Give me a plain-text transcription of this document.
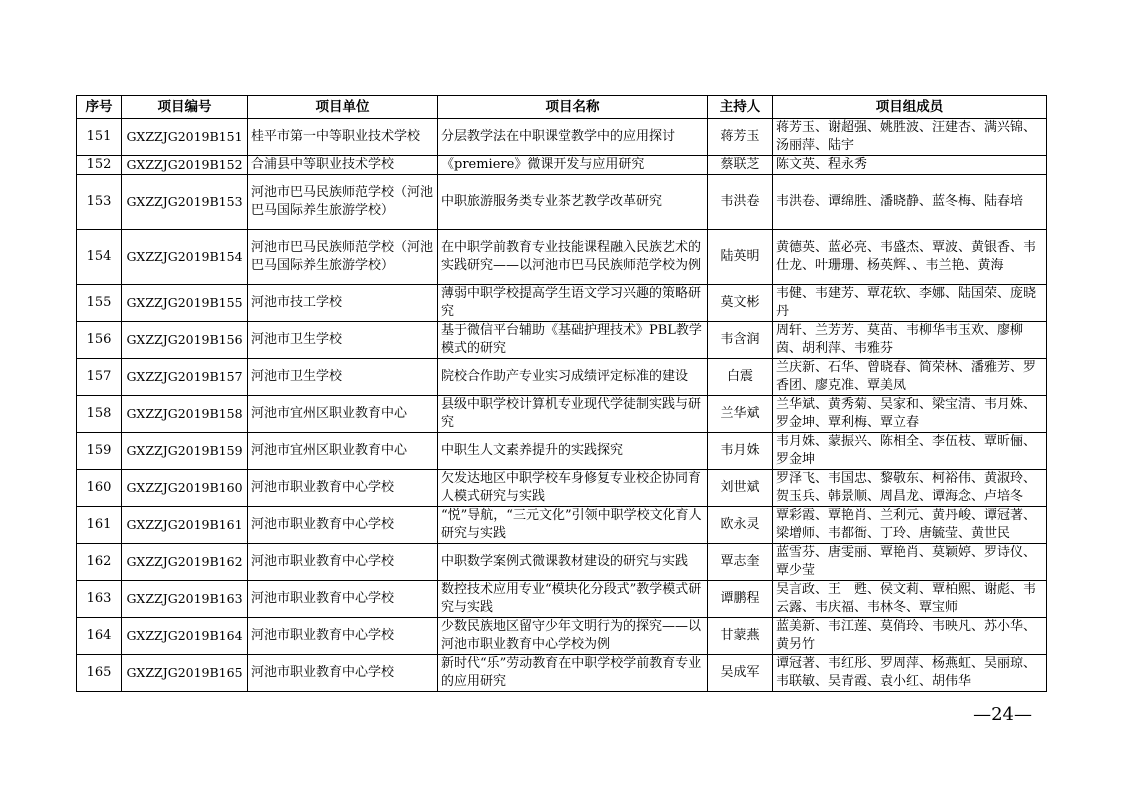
序号	项目编号	项目单位	项目名称	主持人	项目组成员
151	GXZZJG2019B151	桂平市第一中等职业技术学校	分层教学法在中职课堂教学中的应用探讨	蒋芳玉	蒋芳玉、谢超强、姚胜波、汪建杏、满兴锦、汤丽萍、陆宇
152	GXZZJG2019B152	合浦县中等职业技术学校	《premiere》微课开发与应用研究	蔡联芝	陈文英、程永秀
153	GXZZJG2019B153	河池市巴马民族师范学校（河池巴马国际养生旅游学校）	中职旅游服务类专业茶艺教学改革研究	韦洪卷	韦洪卷、谭绵胜、潘晓静、蓝冬梅、陆春培
154	GXZZJG2019B154	河池市巴马民族师范学校（河池巴马国际养生旅游学校）	在中职学前教育专业技能课程融入民族艺术的实践研究——以河池市巴马民族师范学校为例	陆英明	黄德英、蓝必亮、韦盛杰、覃波、黄银香、韦仕龙、叶珊珊、杨英辉、、韦兰艳、黄海
155	GXZZJG2019B155	河池市技工学校	薄弱中职学校提高学生语文学习兴趣的策略研究	莫文彬	韦健、韦建芳、覃花软、李娜、陆国荣、庞晓丹
156	GXZZJG2019B156	河池市卫生学校	基于微信平台辅助《基础护理技术》PBL教学模式的研究	韦含润	周轩、兰芳芳、莫苗、韦柳华韦玉欢、廖柳茵、胡利萍、韦雅芬
157	GXZZJG2019B157	河池市卫生学校	院校合作助产专业实习成绩评定标准的建设	白震	兰庆新、石华、曾晓春、简荣林、潘雅芳、罗香团、廖克准、覃美凤
158	GXZZJG2019B158	河池市宜州区职业教育中心	县级中职学校计算机专业现代学徒制实践与研究	兰华斌	兰华斌、黄秀菊、吴家和、梁宝清、韦月姝、罗金坤、覃利梅、覃立春
159	GXZZJG2019B159	河池市宜州区职业教育中心	中职生人文素养提升的实践探究	韦月姝	韦月姝、蒙振兴、陈相全、李伍枝、覃昕俪、罗金坤
160	GXZZJG2019B160	河池市职业教育中心学校	欠发达地区中职学校车身修复专业校企协同育人模式研究与实践	刘世斌	罗泽飞、韦国忠、黎敬东、柯裕伟、黄淑玲、贺玉兵、韩景顺、周昌龙、谭海念、卢培冬
161	GXZZJG2019B161	河池市职业教育中心学校	“悦”导航，“三元文化”引领中职学校文化育人研究与实践	欧永灵	覃彩霞、覃艳肖、兰利元、黄丹峻、谭冠著、梁增师、韦都衙、丁玲、唐毓莹、黄世民
162	GXZZJG2019B162	河池市职业教育中心学校	中职数学案例式微课教材建设的研究与实践	覃志奎	蓝雪芬、唐雯丽、覃艳肖、莫颖婷、罗诗仪、覃少莹
163	GXZZJG2019B163	河池市职业教育中心学校	数控技术应用专业“模块化分段式”教学模式研究与实践	谭鹏程	吴言政、王　甦、侯文莉、覃柏熙、谢彪、韦云露、韦庆福、韦林冬、覃宝师
164	GXZZJG2019B164	河池市职业教育中心学校	少数民族地区留守少年文明行为的探究——以河池市职业教育中心学校为例	甘蒙燕	蓝美新、韦江莲、莫俏玲、韦映凡、苏小华、黄另竹
165	GXZZJG2019B165	河池市职业教育中心学校	新时代“乐”劳动教育在中职学校学前教育专业的应用研究	吴成军	谭冠著、韦红彤、罗周萍、杨燕虹、吴丽琼、韦联敏、吴青霞、袁小红、胡伟华
—24—
